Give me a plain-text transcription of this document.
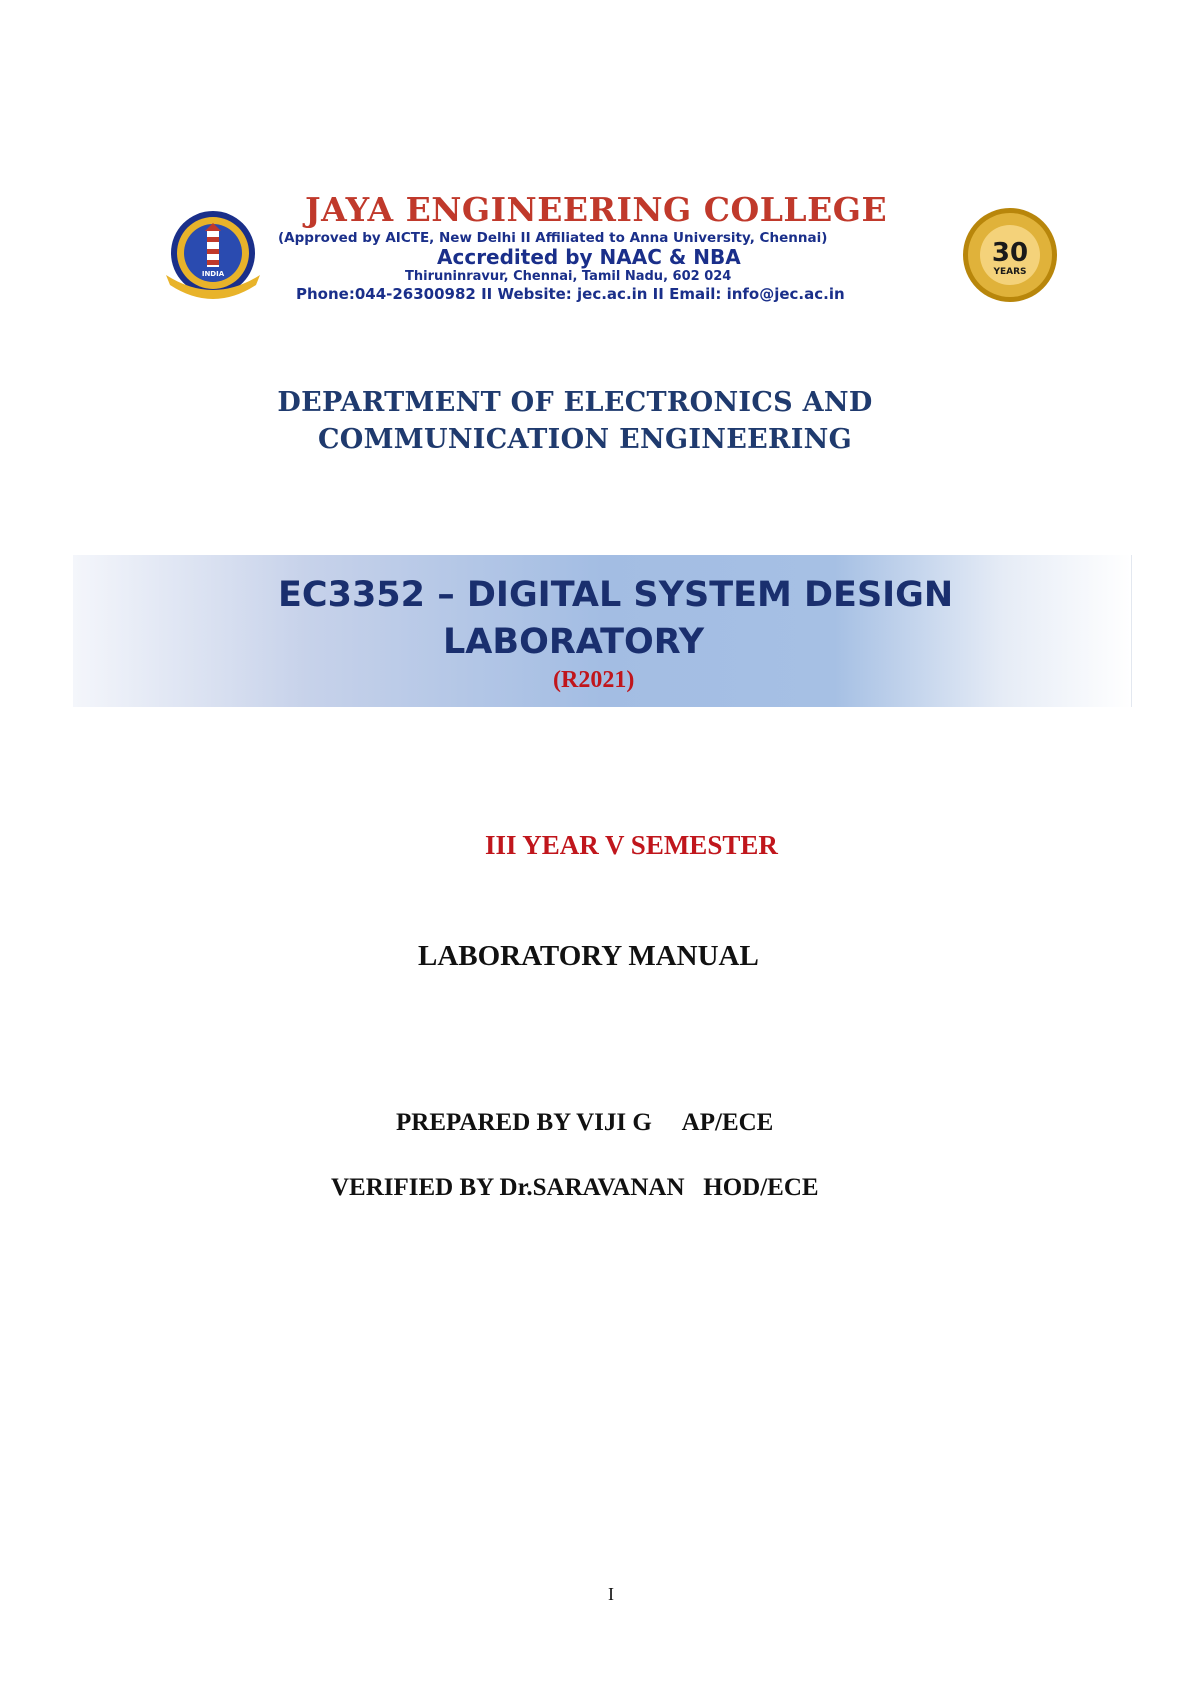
INDIA
JAYA ENGINEERING COLLEGE
(Approved by AICTE, New Delhi II Affiliated to Anna University, Chennai)
Accredited by NAAC & NBA
Thiruninravur, Chennai, Tamil Nadu, 602 024
Phone:044-26300982 II Website: jec.ac.in II Email: info@jec.ac.in
30
YEARS
DEPARTMENT OF ELECTRONICS AND
COMMUNICATION ENGINEERING
EC3352 – DIGITAL SYSTEM DESIGN
LABORATORY
(R2021)
III YEAR V SEMESTER
LABORATORY MANUAL
PREPARED BY VIJI G     AP/ECE
VERIFIED BY Dr.SARAVANAN   HOD/ECE
I
